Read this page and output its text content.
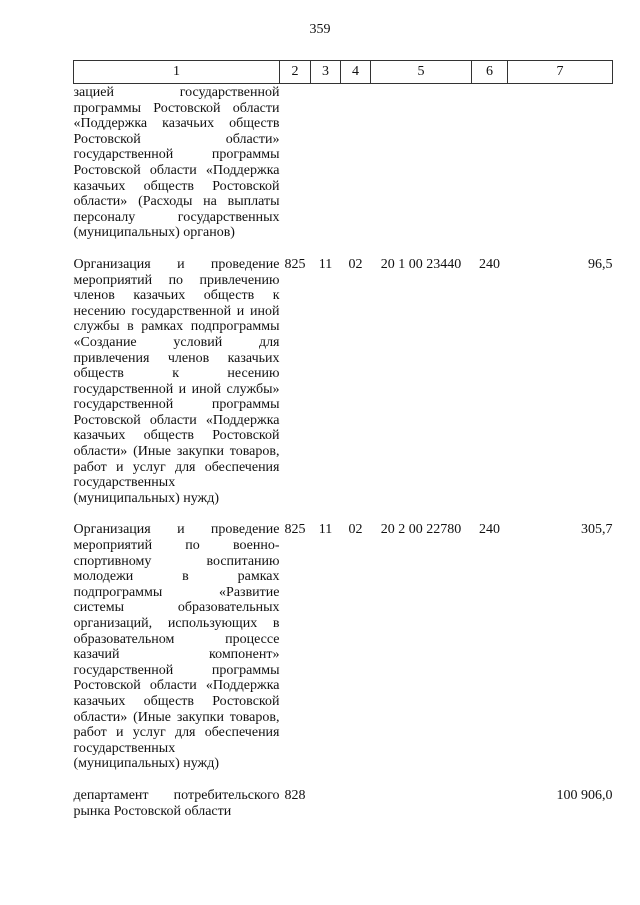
359
1	2	3	4	5	6	7
зацией государственной программы Ростовской области «Поддержка казачьих обществ Ростовской области» государственной программы Ростовской области «Поддержка казачьих обществ Ростовской области» (Расходы на выплаты персоналу государственных (муниципальных) органов)						
Организация и проведение мероприятий по привлечению членов казачьих обществ к несению государственной и иной службы в рамках подпрограммы «Создание условий для привлечения членов казачьих обществ к несению государственной и иной службы» государственной программы Ростовской области «Поддержка казачьих обществ Ростовской области» (Иные закупки товаров, работ и услуг для обеспечения государственных (муниципальных) нужд)	825	11	02	20 1 00 23440	240	96,5
Организация и проведение мероприятий по военно-спортивному воспитанию молодежи в рамках подпрограммы «Развитие системы образовательных организаций, использующих в образовательном процессе казачий компонент» государственной программы Ростовской области «Поддержка казачьих обществ Ростовской области» (Иные закупки товаров, работ и услуг для обеспечения государственных (муниципальных) нужд)	825	11	02	20 2 00 22780	240	305,7
департамент потребительского рынка Ростовской области	828					100 906,0
